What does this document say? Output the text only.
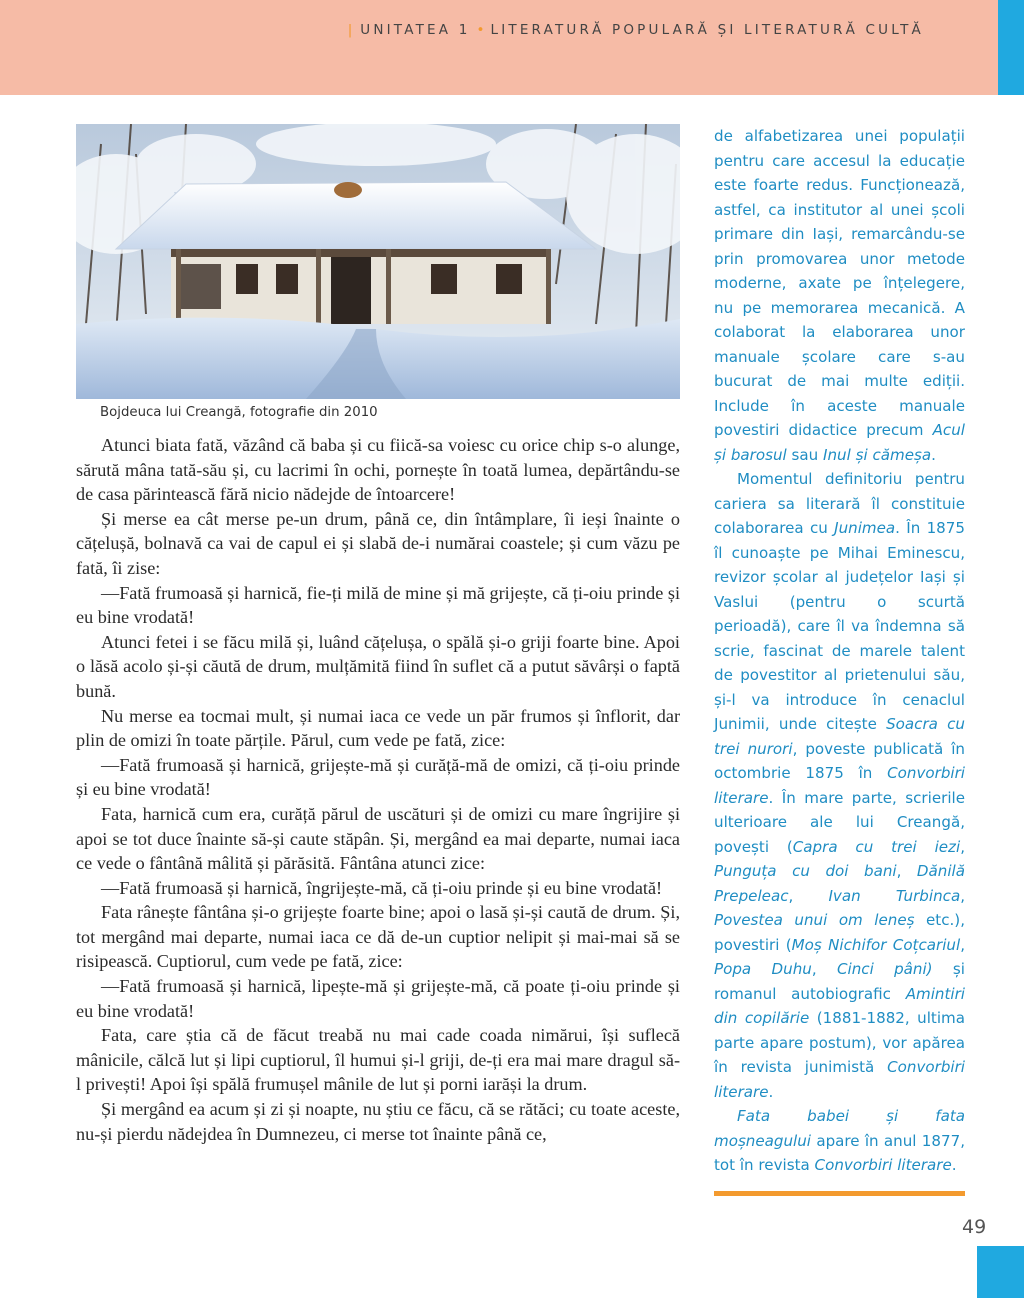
| UNITATEA 1 • LITERATURĂ POPULARĂ ȘI LITERATURĂ CULTĂ
Bojdeuca lui Creangă, fotografie din 2010

Atunci biata fată, văzând că baba și cu fiică-sa voiesc cu orice chip s-o alunge, sărută mâna tată-său și, cu lacrimi în ochi, pornește în toată lumea, depărtându-se de casa părintească fără nicio nădejde de întoarcere!

Și merse ea cât merse pe-un drum, până ce, din întâmplare, îi ieși înainte o cățelușă, bolnavă ca vai de capul ei și slabă de-i numărai coastele; și cum văzu pe fată, îi zise:

—Fată frumoasă și harnică, fie-ți milă de mine și mă grijește, că ți-oiu prinde și eu bine vrodată!

Atunci fetei i se făcu milă și, luând cățelușa, o spălă și-o griji foarte bine. Apoi o lăsă acolo și-și căută de drum, mulțămită fiind în suflet că a putut săvârși o faptă bună.

Nu merse ea tocmai mult, și numai iaca ce vede un păr frumos și înflorit, dar plin de omizi în toate părțile. Părul, cum vede pe fată, zice:

—Fată frumoasă și harnică, grijește-mă și curăță-mă de omizi, că ți-oiu prinde și eu bine vrodată!

Fata, harnică cum era, curăță părul de uscături și de omizi cu mare îngrijire și apoi se tot duce înainte să-și caute stăpân. Și, mergând ea mai departe, numai iaca ce vede o fântână mâlită și părăsită. Fântâna atunci zice:

—Fată frumoasă și harnică, îngrijește-mă, că ți-oiu prinde și eu bine vrodată!

Fata rânește fântâna și-o grijește foarte bine; apoi o lasă și-și caută de drum. Și, tot mergând mai departe, numai iaca ce dă de-un cuptior nelipit și mai-mai să se risipească. Cuptiorul, cum vede pe fată, zice:

—Fată frumoasă și harnică, lipește-mă și grijește-mă, că poate ți-oiu prinde și eu bine vrodată!

Fata, care știa că de făcut treabă nu mai cade coada nimărui, își suflecă mânicile, călcă lut și lipi cuptiorul, îl humui și-l griji, de-ți era mai mare dragul să-l privești! Apoi își spălă frumușel mânile de lut și porni iarăși la drum.

Și mergând ea acum și zi și noapte, nu știu ce făcu, că se rătăci; cu toate aceste, nu-și pierdu nădejdea în Dumnezeu, ci merse tot înainte până ce,

de alfabetizarea unei populații pentru care accesul la educație este foarte redus. Funcționează, astfel, ca institutor al unei școli primare din Iași, remarcându-se prin promovarea unor metode moderne, axate pe înțelegere, nu pe memorarea mecanică. A colaborat la elaborarea unor manuale școlare care s-au bucurat de mai multe ediții. Include în aceste manuale povestiri didactice precum Acul și barosul sau Inul și cămeșa.

Momentul definitoriu pentru cariera sa literară îl constituie colaborarea cu Junimea. În 1875 îl cunoaște pe Mihai Eminescu, revizor școlar al județelor Iași și Vaslui (pentru o scurtă perioadă), care îl va îndemna să scrie, fascinat de marele talent de povestitor al prietenului său, și-l va introduce în cenaclul Junimii, unde citește Soacra cu trei nurori, poveste publicată în octombrie 1875 în Convorbiri literare. În mare parte, scrierile ulterioare ale lui Creangă, povești (Capra cu trei iezi, Punguța cu doi bani, Dănilă Prepeleac, Ivan Turbinca, Povestea unui om leneș etc.), povestiri (Moș Nichifor Coțcariul, Popa Duhu, Cinci pâni) și romanul autobiografic Amintiri din copilărie (1881-1882, ultima parte apare postum), vor apărea în revista junimistă Convorbiri literare.

Fata babei și fata moșneagului apare în anul 1877, tot în revista Convorbiri literare.

49
